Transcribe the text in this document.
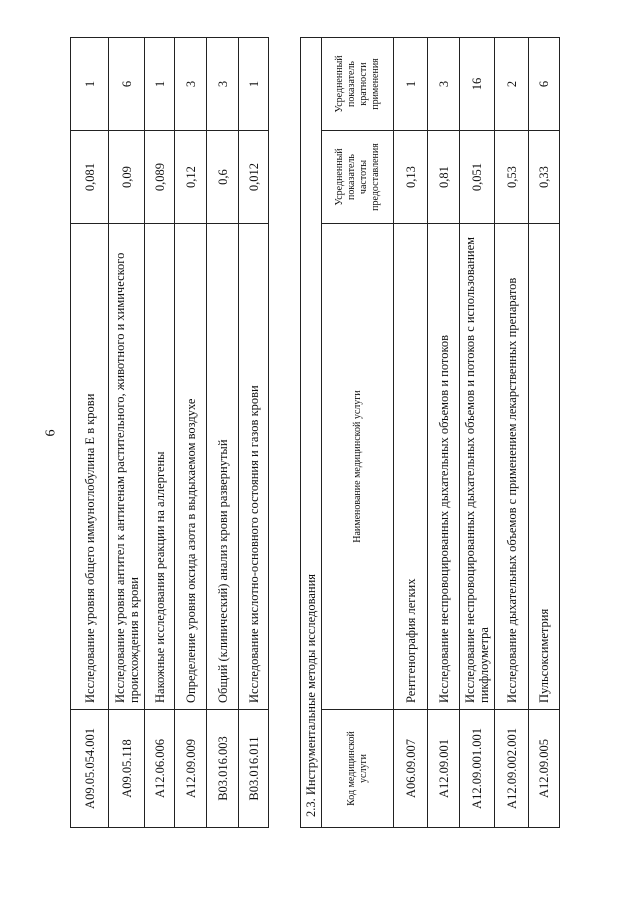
6
A09.05.054.001	Исследование уровня общего иммуноглобулина Е в крови	0,081	1
A09.05.118	Исследование уровня антител к антигенам растительного, животного и химического происхождения в крови	0,09	6
A12.06.006	Накожные исследования реакции на аллергены	0,089	1
A12.09.009	Определение уровня оксида азота в выдыхаемом воздухе	0,12	3
B03.016.003	Общий (клинический) анализ крови развернутый	0,6	3
B03.016.011	Исследование кислотно-основного состояния и газов крови	0,012	1
2.3. Инструментальные методы исследования			
Код медицинской услуги	Наименование медицинской услуги	Усредненный показатель частоты предоставления	Усредненный показатель кратности применения
A06.09.007	Рентгенография легких	0,13	1
A12.09.001	Исследование неспровоцированных дыхательных объемов и потоков	0,81	3
A12.09.001.001	Исследование неспровоцированных дыхательных объемов и потоков с использованием пикфлоуметра	0,051	16
A12.09.002.001	Исследование дыхательных объемов с применением лекарственных препаратов	0,53	2
A12.09.005	Пульсоксиметрия	0,33	6
